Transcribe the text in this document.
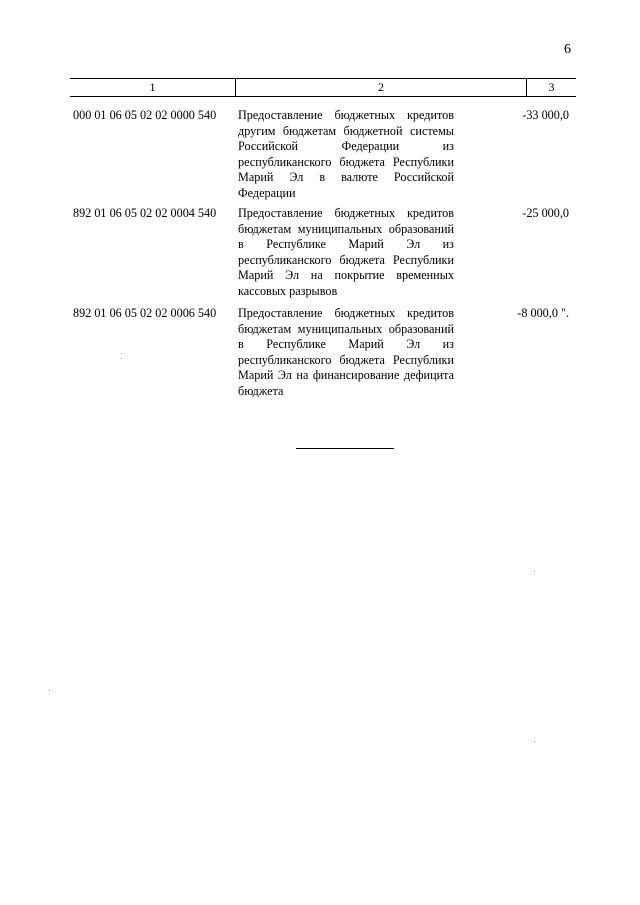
6
1	2	3
000 01 06 05 02 02 0000 540 Предоставление бюджетных кредитов другим бюджетам бюджетной системы Российской Федерации из республиканского бюджета Республики Марий Эл в валюте Российской Федерации
-33 000,0
892 01 06 05 02 02 0004 540 Предоставление бюджетных кредитов бюджетам муниципальных образований в Республике Марий Эл из республиканского бюджета Республики Марий Эл на покрытие временных кассовых разрывов
-25 000,0
892 01 06 05 02 02 0006 540 Предоставление бюджетных кредитов бюджетам муниципальных образований в Республике Марий Эл из республиканского бюджета Республики Марий Эл на финансирование дефицита бюджета
-8 000,0 ".
